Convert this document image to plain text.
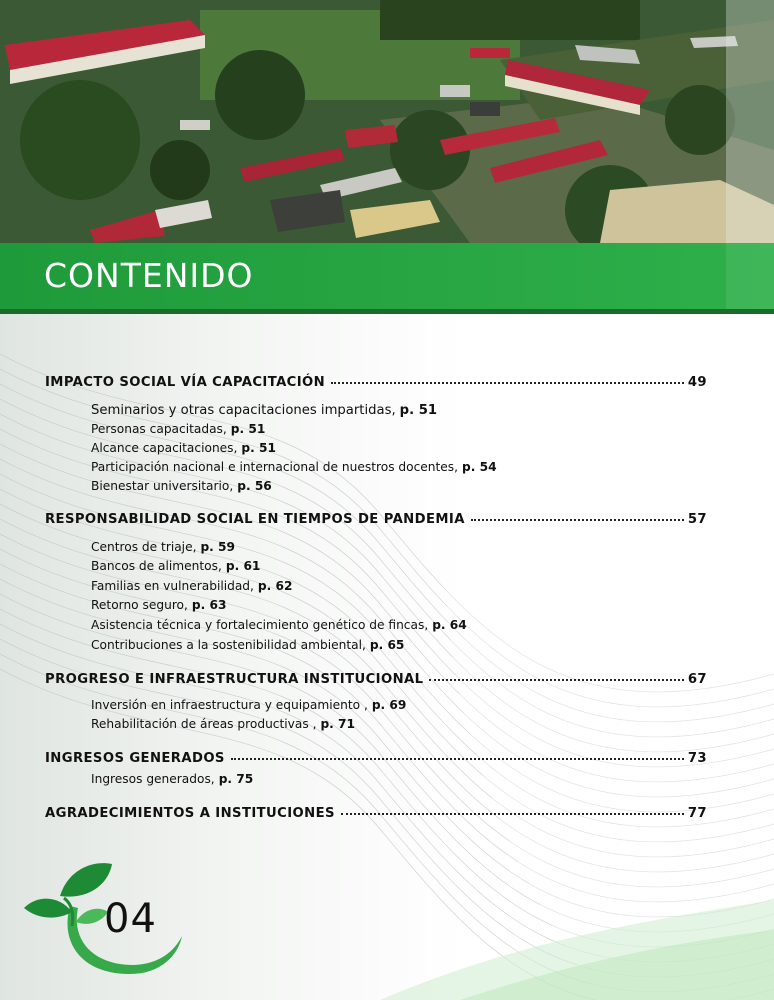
CONTENIDO
IMPACTO SOCIAL VÍA CAPACITACIÓN	49
Seminarios y otras capacitaciones impartidas, p. 51
Personas capacitadas, p. 51
Alcance capacitaciones, p. 51
Participación nacional e internacional de nuestros docentes, p. 54
Bienestar universitario, p. 56
RESPONSABILIDAD SOCIAL EN TIEMPOS DE PANDEMIA	57
Centros de triaje, p. 59
Bancos de alimentos, p. 61
Familias en vulnerabilidad, p. 62
Retorno seguro, p. 63
Asistencia técnica y fortalecimiento genético de fincas, p. 64
Contribuciones a la sostenibilidad ambiental, p. 65
PROGRESO E INFRAESTRUCTURA INSTITUCIONAL	67
Inversión en infraestructura y equipamiento , p. 69
Rehabilitación de áreas productivas , p. 71
INGRESOS GENERADOS	73
Ingresos generados, p. 75
AGRADECIMIENTOS A INSTITUCIONES	77
04
